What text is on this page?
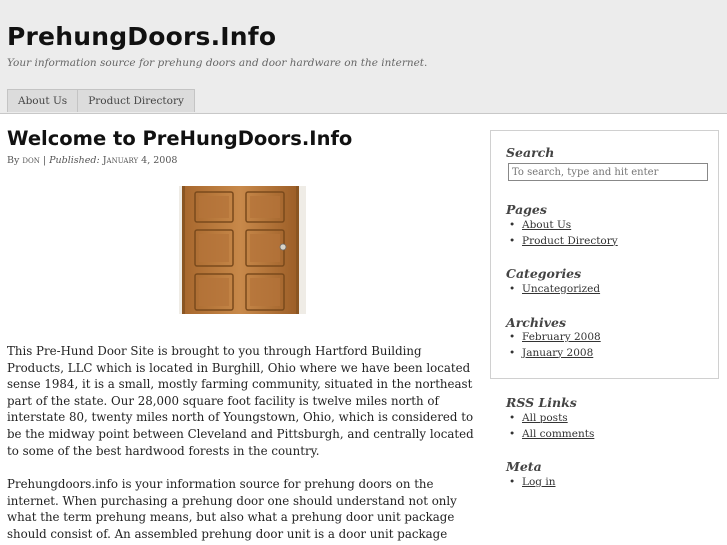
PrehungDoors.Info
Your information source for prehung doors and door hardware on the internet.
About Us	Product Directory
Welcome to PreHungDoors.Info
By don | Published: January 4, 2008

This Pre-Hund Door Site is brought to you through Hartford Building Products, LLC which is located in Burghill, Ohio where we have been located sense 1984, it is a small, mostly farming community, situated in the northeast part of the state. Our 28,000 square foot facility is twelve miles north of interstate 80, twenty miles north of Youngstown, Ohio, which is considered to be the midway point between Cleveland and Pittsburgh, and centrally located to some of the best hardwood forests in the country.

Prehungdoors.info is your information source for prehung doors on the internet. When purchasing a prehung door one should understand not only what the term prehung means, but also what a prehung door unit package should consist of. An assembled prehung door unit is a door unit package

Search
To search, type and hit enter
Pages
• About Us
• Product Directory
Categories
• Uncategorized
Archives
• February 2008
• January 2008
RSS Links
• All posts
• All comments
Meta
• Log in
